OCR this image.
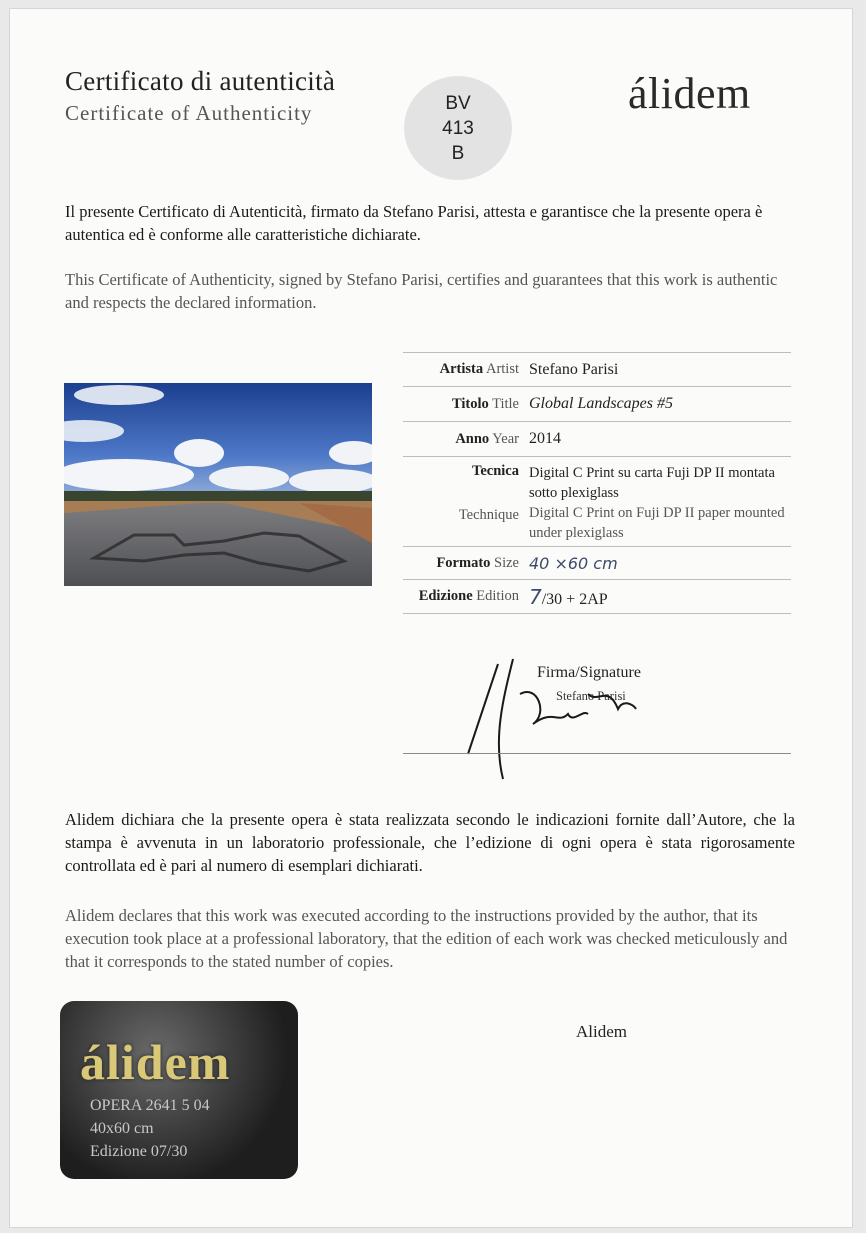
Certificato di autenticità
Certificate of Authenticity	BV
413
B
álidem
Il presente Certificato di Autenticità, firmato da Stefano Parisi, attesta e garantisce che la presente opera è autentica ed è conforme alle caratteristiche dichiarate.
This Certificate of Authenticity, signed by Stefano Parisi, certifies and guarantees that this work is authentic and respects the declared information.
Artista Artist Stefano Parisi
Titolo Title Global Landscapes #5
Anno Year 2014
Tecnica
Technique
Digital C Print su carta Fuji DP II montata sotto plexiglass
Digital C Print on Fuji DP II paper mounted under plexiglass
Formato Size 40 ×60 cm
Edizione Edition 7/30 + 2AP
Firma/Signature
Stefano Parisi
Alidem dichiara che la presente opera è stata realizzata secondo le indicazioni fornite dall’Autore, che la stampa è avvenuta in un laboratorio professionale, che l’edizione di ogni opera è stata rigorosamente controllata ed è pari al numero di esemplari dichiarati.
Alidem declares that this work was executed according to the instructions provided by the author, that its execution took place at a professional laboratory, that the edition of each work was checked meticulously and that it corresponds to the stated number of copies.
álidem
OPERA 2641 5 04
40x60 cm
Edizione 07/30
Alidem
